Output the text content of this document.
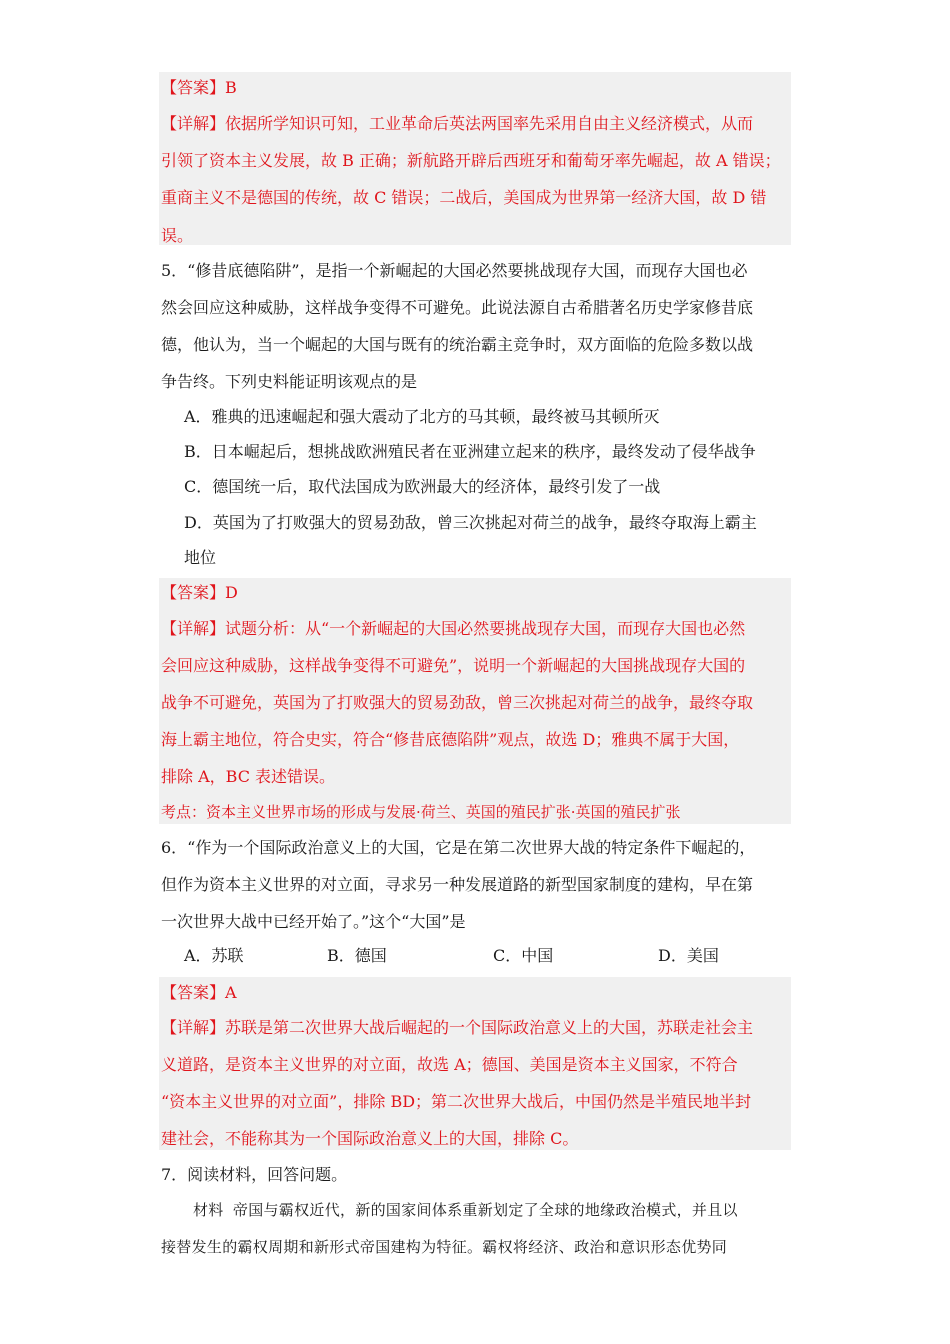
【答案】B
【详解】依据所学知识可知，工业革命后英法两国率先采用自由主义经济模式，从而
引领了资本主义发展，故 B 正确；新航路开辟后西班牙和葡萄牙率先崛起，故 A 错误；
重商主义不是德国的传统，故 C 错误；二战后，美国成为世界第一经济大国，故 D 错
误。
5．“修昔底德陷阱”，是指一个新崛起的大国必然要挑战现存大国，而现存大国也必
然会回应这种威胁，这样战争变得不可避免。此说法源自古希腊著名历史学家修昔底
德，他认为，当一个崛起的大国与既有的统治霸主竞争时，双方面临的危险多数以战
争告终。下列史料能证明该观点的是
A．雅典的迅速崛起和强大震动了北方的马其顿，最终被马其顿所灭
B．日本崛起后，想挑战欧洲殖民者在亚洲建立起来的秩序，最终发动了侵华战争
C．德国统一后，取代法国成为欧洲最大的经济体，最终引发了一战
D．英国为了打败强大的贸易劲敌，曾三次挑起对荷兰的战争，最终夺取海上霸主
地位
【答案】D
【详解】试题分析：从“一个新崛起的大国必然要挑战现存大国，而现存大国也必然
会回应这种威胁，这样战争变得不可避免”，说明一个新崛起的大国挑战现存大国的
战争不可避免，英国为了打败强大的贸易劲敌，曾三次挑起对荷兰的战争，最终夺取
海上霸主地位，符合史实，符合“修昔底德陷阱”观点，故选 D；雅典不属于大国，
排除 A，BC 表述错误。
考点：资本主义世界市场的形成与发展·荷兰、英国的殖民扩张·英国的殖民扩张
6．“作为一个国际政治意义上的大国，它是在第二次世界大战的特定条件下崛起的，
但作为资本主义世界的对立面，寻求另一种发展道路的新型国家制度的建构，早在第
一次世界大战中已经开始了。”这个“大国”是
A．苏联	B．德国	C．中国	D．美国
【答案】A
【详解】苏联是第二次世界大战后崛起的一个国际政治意义上的大国，苏联走社会主
义道路，是资本主义世界的对立面，故选 A；德国、美国是资本主义国家，不符合
“资本主义世界的对立面”，排除 BD；第二次世界大战后，中国仍然是半殖民地半封
建社会，不能称其为一个国际政治意义上的大国，排除 C。
7．阅读材料，回答问题。
材料 帝国与霸权近代，新的国家间体系重新划定了全球的地缘政治模式，并且以
接替发生的霸权周期和新形式帝国建构为特征。霸权将经济、政治和意识形态优势同
